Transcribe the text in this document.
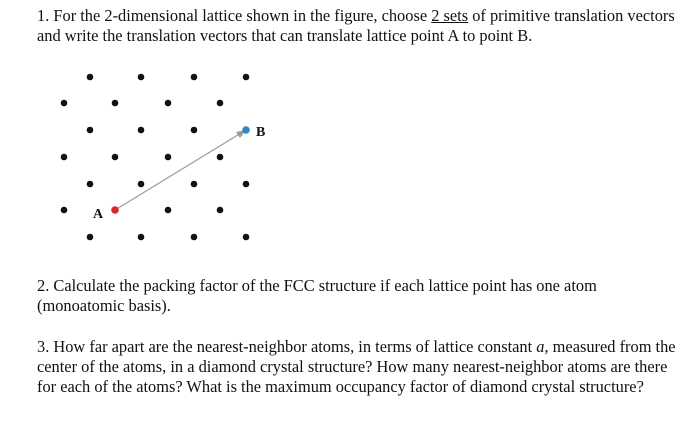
1. For the 2-dimensional lattice shown in the figure, choose 2 sets of primitive translation vectors and write the translation vectors that can translate lattice point A to point B.

A
B

2. Calculate the packing factor of the FCC structure if each lattice point has one atom (monoatomic basis).

3. How far apart are the nearest-neighbor atoms, in terms of lattice constant a, measured from the center of the atoms, in a diamond crystal structure? How many nearest-neighbor atoms are there for each of the atoms? What is the maximum occupancy factor of diamond crystal structure?
